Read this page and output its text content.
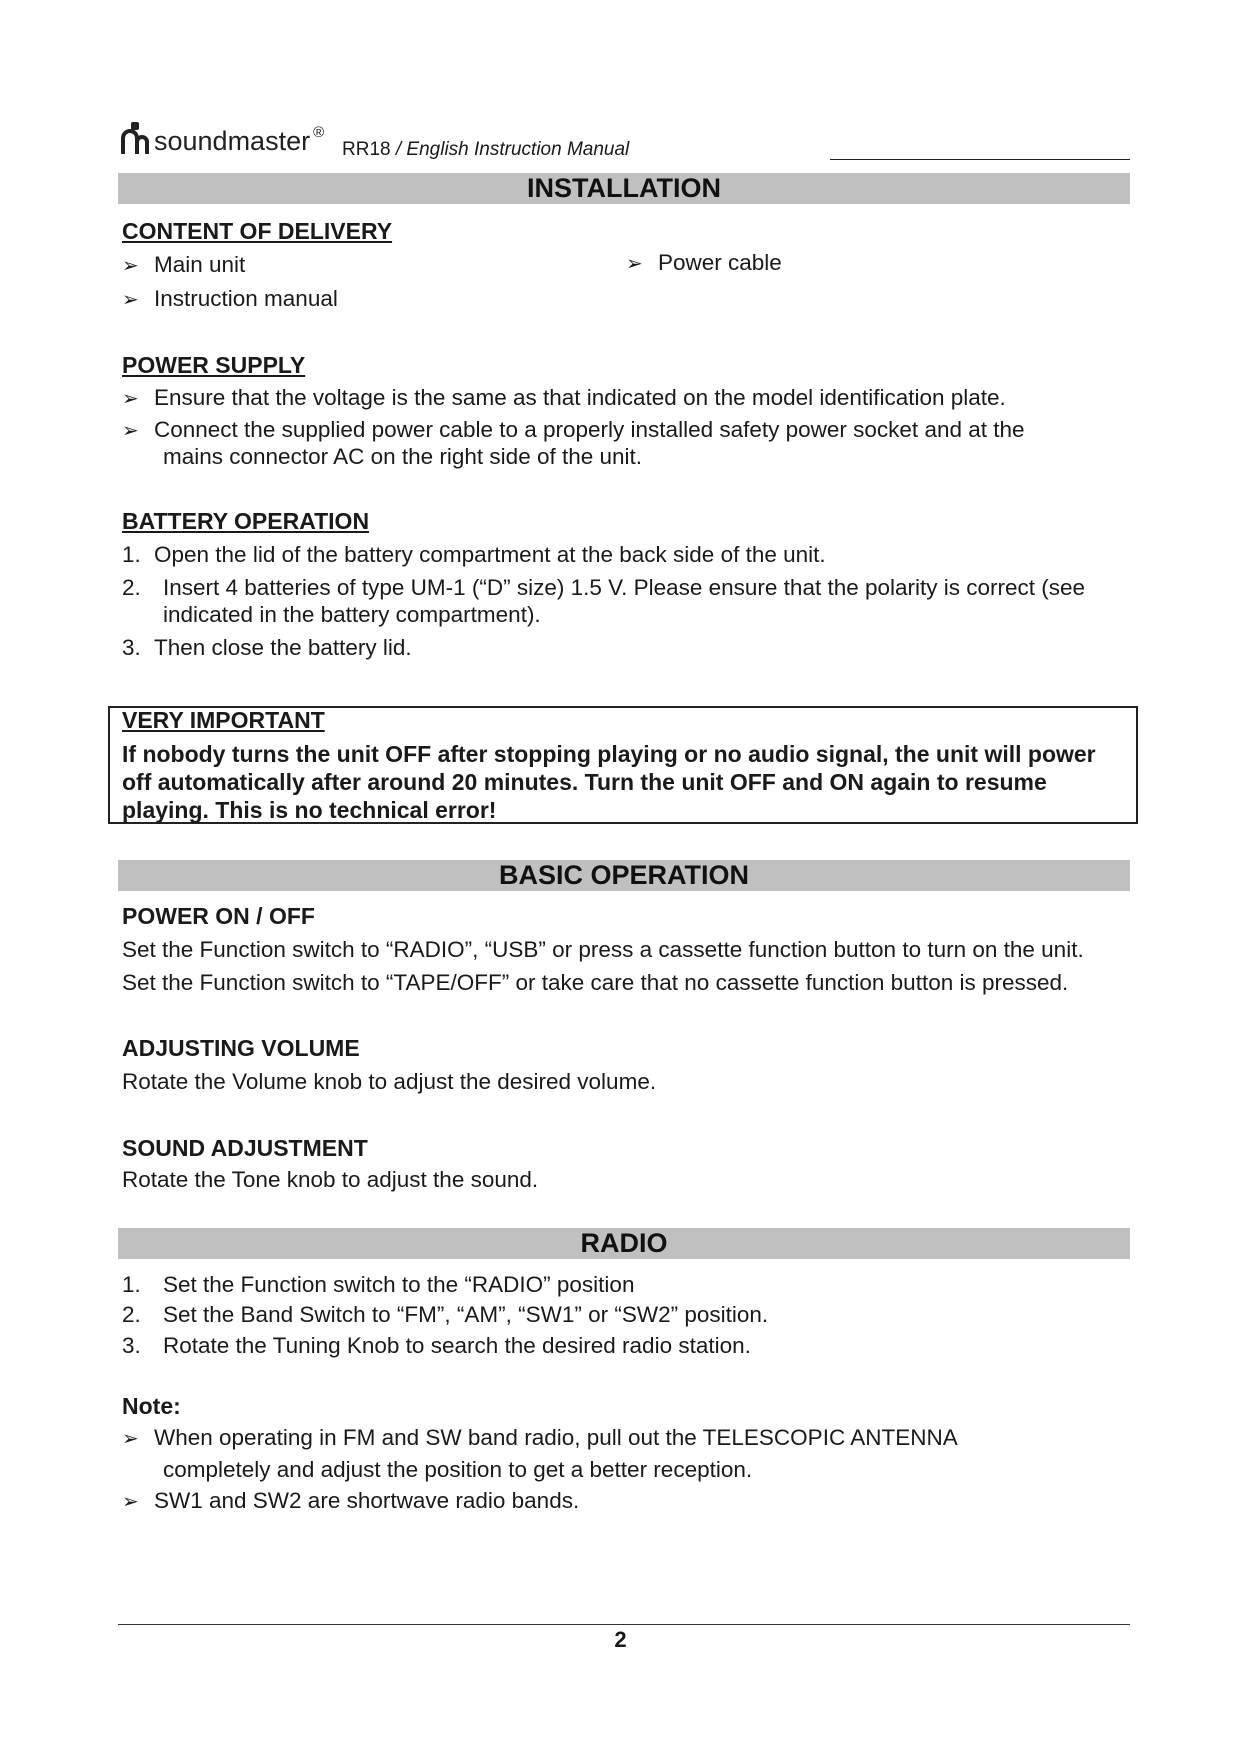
soundmaster ®
RR18 / English Instruction Manual
INSTALLATION
CONTENT OF DELIVERY
➢ Main unit
➢ Instruction manual
➢ Power cable
POWER SUPPLY
➢ Ensure that the voltage is the same as that indicated on the model identification plate.
➢ Connect the supplied power cable to a properly installed safety power socket and at the
mains connector AC on the right side of the unit.
BATTERY OPERATION
1. Open the lid of the battery compartment at the back side of the unit.
2. Insert 4 batteries of type UM-1 (“D” size) 1.5 V. Please ensure that the polarity is correct (see
indicated in the battery compartment).
3. Then close the battery lid.
VERY IMPORTANT
If nobody turns the unit OFF after stopping playing or no audio signal, the unit will power
off automatically after around 20 minutes. Turn the unit OFF and ON again to resume
playing. This is no technical error!
BASIC OPERATION
POWER ON / OFF
Set the Function switch to “RADIO”, “USB” or press a cassette function button to turn on the unit.
Set the Function switch to “TAPE/OFF” or take care that no cassette function button is pressed.
ADJUSTING VOLUME
Rotate the Volume knob to adjust the desired volume.
SOUND ADJUSTMENT
Rotate the Tone knob to adjust the sound.
RADIO
1. Set the Function switch to the “RADIO” position
2. Set the Band Switch to “FM”, “AM”, “SW1” or “SW2” position.
3. Rotate the Tuning Knob to search the desired radio station.
Note:
➢ When operating in FM and SW band radio, pull out the TELESCOPIC ANTENNA
completely and adjust the position to get a better reception.
➢ SW1 and SW2 are shortwave radio bands.
2
